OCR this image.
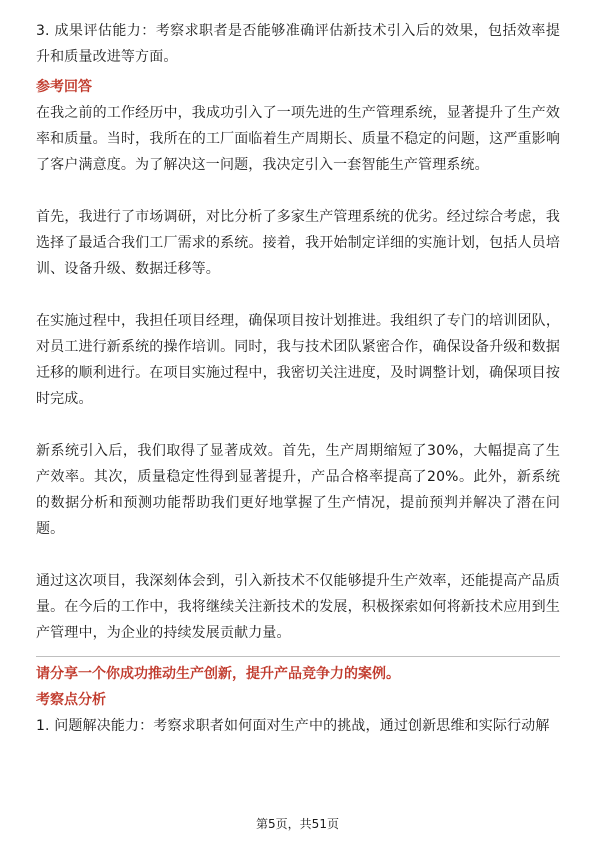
3. 成果评估能力：考察求职者是否能够准确评估新技术引入后的效果，包括效率提升和质量改进等方面。

参考回答

在我之前的工作经历中，我成功引入了一项先进的生产管理系统，显著提升了生产效率和质量。当时，我所在的工厂面临着生产周期长、质量不稳定的问题，这严重影响了客户满意度。为了解决这一问题，我决定引入一套智能生产管理系统。

首先，我进行了市场调研，对比分析了多家生产管理系统的优劣。经过综合考虑，我选择了最适合我们工厂需求的系统。接着，我开始制定详细的实施计划，包括人员培训、设备升级、数据迁移等。

在实施过程中，我担任项目经理，确保项目按计划推进。我组织了专门的培训团队，对员工进行新系统的操作培训。同时，我与技术团队紧密合作，确保设备升级和数据迁移的顺利进行。在项目实施过程中，我密切关注进度，及时调整计划，确保项目按时完成。

新系统引入后，我们取得了显著成效。首先，生产周期缩短了30%，大幅提高了生产效率。其次，质量稳定性得到显著提升，产品合格率提高了20%。此外，新系统的数据分析和预测功能帮助我们更好地掌握了生产情况，提前预判并解决了潜在问题。

通过这次项目，我深刻体会到，引入新技术不仅能够提升生产效率，还能提高产品质量。在今后的工作中，我将继续关注新技术的发展，积极探索如何将新技术应用到生产管理中，为企业的持续发展贡献力量。

请分享一个你成功推动生产创新，提升产品竞争力的案例。

考察点分析

1. 问题解决能力：考察求职者如何面对生产中的挑战，通过创新思维和实际行动解

第5页，共51页
